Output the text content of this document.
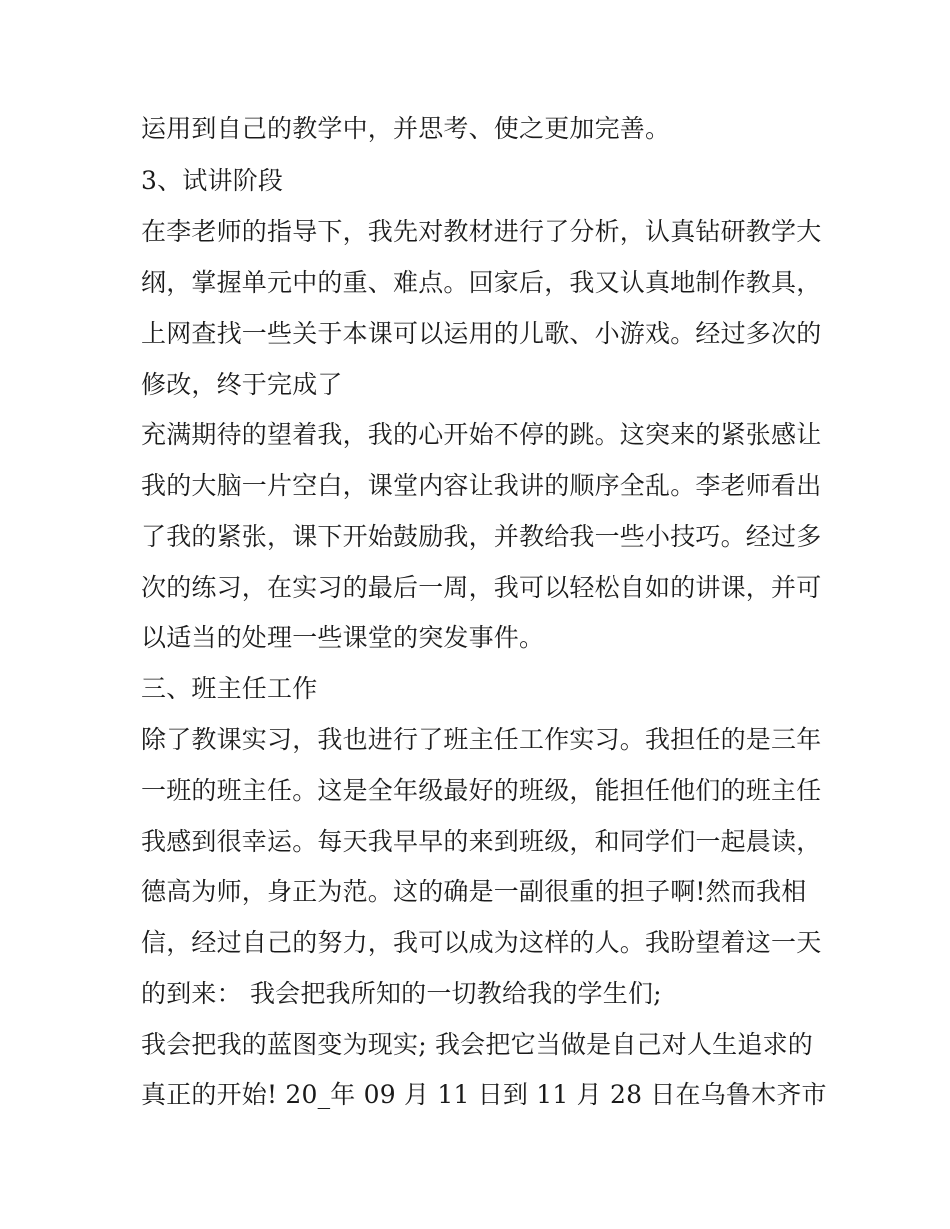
运用到自己的教学中，并思考、使之更加完善。
3、试讲阶段
在李老师的指导下，我先对教材进行了分析，认真钻研教学大
纲，掌握单元中的重、难点。回家后，我又认真地制作教具，
上网查找一些关于本课可以运用的儿歌、小游戏。经过多次的
修改，终于完成了
充满期待的望着我，我的心开始不停的跳。这突来的紧张感让
我的大脑一片空白，课堂内容让我讲的顺序全乱。李老师看出
了我的紧张，课下开始鼓励我，并教给我一些小技巧。经过多
次的练习，在实习的最后一周，我可以轻松自如的讲课，并可
以适当的处理一些课堂的突发事件。
三、班主任工作
除了教课实习，我也进行了班主任工作实习。我担任的是三年
一班的班主任。这是全年级最好的班级，能担任他们的班主任
我感到很幸运。每天我早早的来到班级，和同学们一起晨读，
德高为师，身正为范。这的确是一副很重的担子啊!然而我相
信，经过自己的努力，我可以成为这样的人。我盼望着这一天
的到来： 我会把我所知的一切教给我的学生们;
我会把我的蓝图变为现实; 我会把它当做是自己对人生追求的
真正的开始! 20_年 09 月 11 日到 11 月 28 日在乌鲁木齐市
